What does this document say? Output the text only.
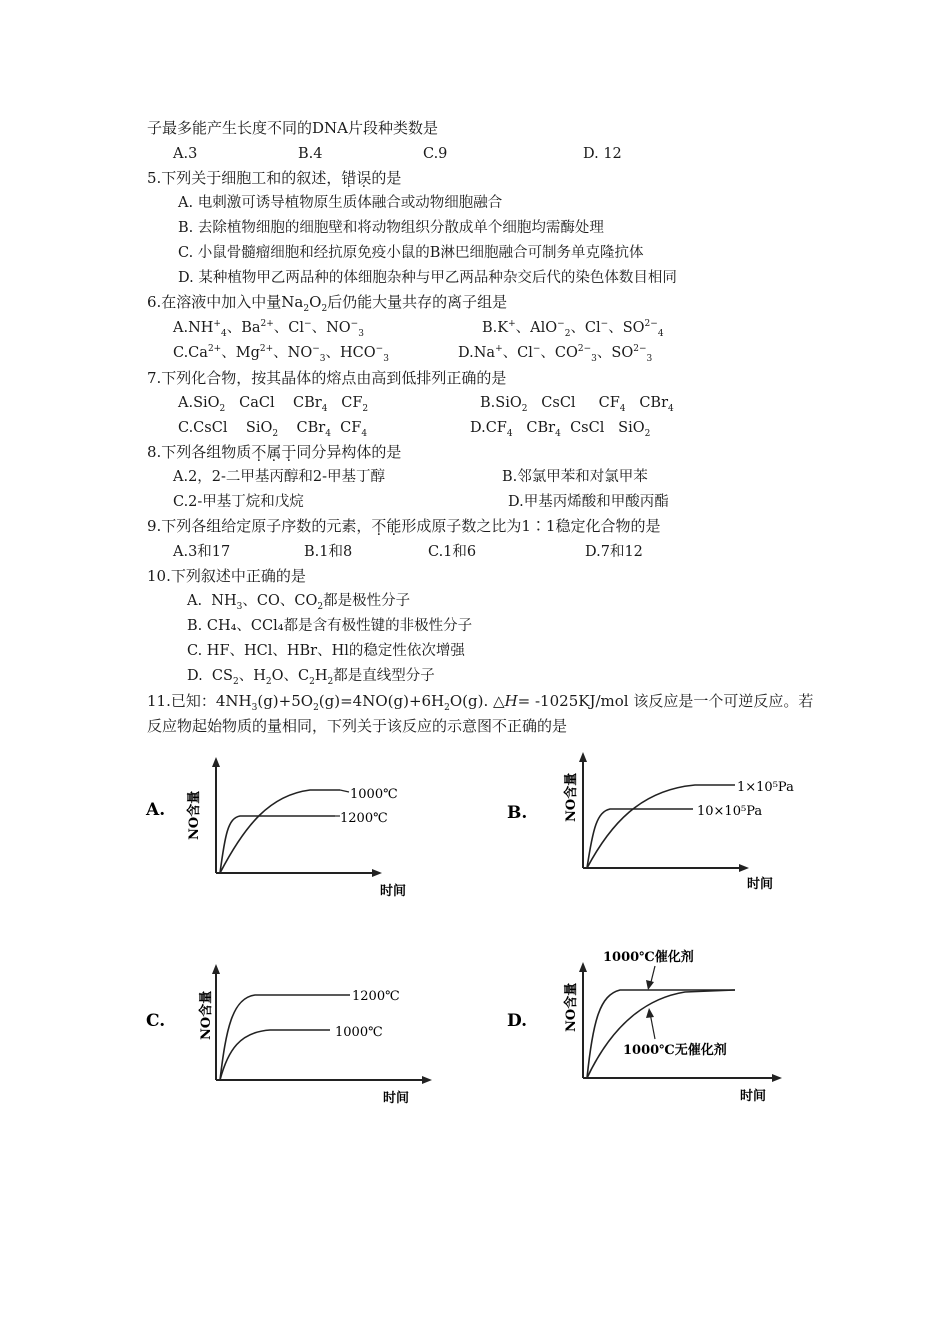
子最多能产生长度不同的DNA片段种类数是
A.3	B.4	C.9	D. 12
5.下列关于细胞工和的叙述，错误的是
A. 电刺激可诱导植物原生质体融合或动物细胞融合
B. 去除植物细胞的细胞壁和将动物组织分散成单个细胞均需酶处理
C. 小鼠骨髓瘤细胞和经抗原免疫小鼠的B淋巴细胞融合可制务单克隆抗体
D. 某种植物甲乙两品种的体细胞杂种与甲乙两品种杂交后代的染色体数目相同
6.在溶液中加入中量$Na_2O_2$后仍能大量共存的离子组是
$A.NH^+_4$、$Ba^{2+}$、Cl−、$NO^-_3$	B.K+、AlO−$_2$、Cl−、$SO^{2-}_4$
$C.Ca^{2+}$、$Mg^{2+}$、$NO^-_3$、$HCO^-_3$	D.Na+、Cl−、$CO^{2-}_3$、$SO^{2-}_3$
7.下列化合物，按其晶体的熔点由高到低排列正确的是
A.SiO$_2$   CaCl    CBr$_4$   $CF_2$	B.SiO$_2$   CsCl     $CF_4$   CBr$_4$
C.CsCl    SiO$_2$    CBr$_4$  $CF_4$	$D.CF_4$   CBr$_4$  CsCl   SiO$_2$
8.下列各组物质不属于同分异构体的是
A.2，2-二甲基丙醇和2-甲基丁醇	B.邻氯甲苯和对氯甲苯
C.2-甲基丁烷和戊烷	D.甲基丙烯酸和甲酸丙酯
9.下列各组给定原子序数的元素，不能形成原子数之比为1∶1稳定化合物的是
A.3和17	B.1和8	C.1和6	D.7和12
10.下列叙述中正确的是
A.  $NH_3$、CO、$CO_2$都是极性分子
B. CH₄、CCl₄都是含有极性键的非极性分子
C. HF、HCl、HBr、Hl的稳定性依次增强
D.  $CS_2$、$H_2O$、$C_2H_2$都是直线型分子
11.已知：$4NH_3(g)+5O_2(g)=4NO(g)+6H_2O(g)$. △H= -1025KJ/mol 该反应是一个可逆反应。若
反应物起始物质的量相同，下列关于该反应的示意图不正确的是
A. NO含量
时间
1000℃
1200℃	B.	NO含量
时间
1×10⁵Pa
10×10⁵Pa
C.	NO含量
时间
1200℃
1000℃
D.	NO含量
时间
1000℃催化剂
1000℃无催化剂
